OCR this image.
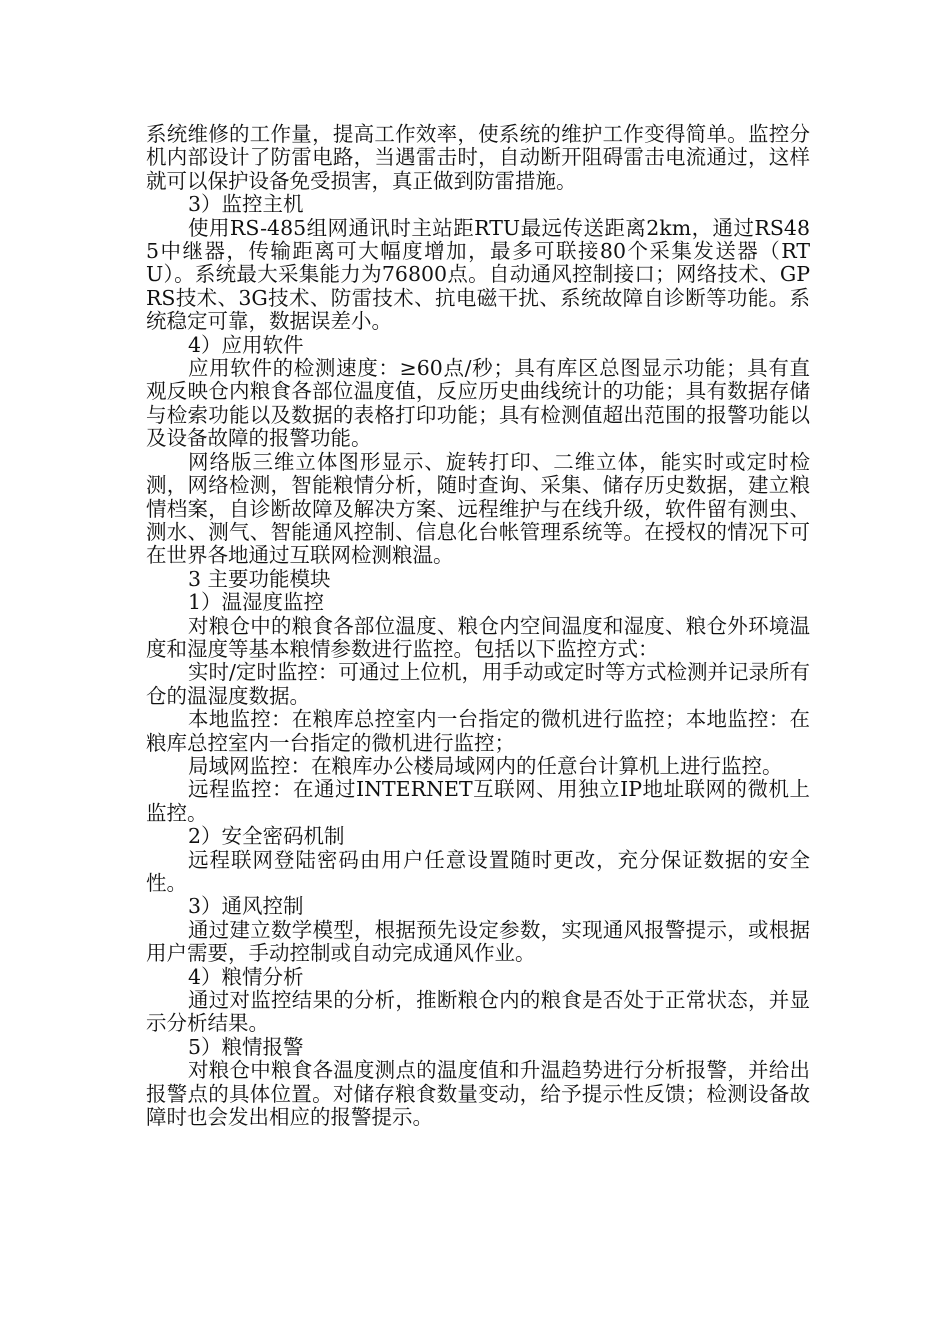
系统维修的工作量，提高工作效率，使系统的维护工作变得简单。监控分机内部设计了防雷电路，当遇雷击时，自动断开阻碍雷击电流通过，这样就可以保护设备免受损害，真正做到防雷措施。

3）监控主机

使用RS-485组网通讯时主站距RTU最远传送距离2km，通过RS485中继器，传输距离可大幅度增加，最多可联接80个采集发送器（RTU）。系统最大采集能力为76800点。自动通风控制接口；网络技术、GPRS技术、3G技术、防雷技术、抗电磁干扰、系统故障自诊断等功能。系统稳定可靠，数据误差小。

4）应用软件

应用软件的检测速度：≥60点/秒；具有库区总图显示功能；具有直观反映仓内粮食各部位温度值，反应历史曲线统计的功能；具有数据存储与检索功能以及数据的表格打印功能；具有检测值超出范围的报警功能以及设备故障的报警功能。

网络版三维立体图形显示、旋转打印、二维立体，能实时或定时检测，网络检测，智能粮情分析，随时查询、采集、储存历史数据，建立粮情档案，自诊断故障及解决方案、远程维护与在线升级，软件留有测虫、测水、测气、智能通风控制、信息化台帐管理系统等。在授权的情况下可在世界各地通过互联网检测粮温。

3 主要功能模块

1）温湿度监控

对粮仓中的粮食各部位温度、粮仓内空间温度和湿度、粮仓外环境温度和湿度等基本粮情参数进行监控。包括以下监控方式：

实时/定时监控：可通过上位机，用手动或定时等方式检测并记录所有仓的温湿度数据。

本地监控：在粮库总控室内一台指定的微机进行监控；本地监控：在粮库总控室内一台指定的微机进行监控；

局域网监控：在粮库办公楼局域网内的任意台计算机上进行监控。

远程监控：在通过INTERNET互联网、用独立IP地址联网的微机上监控。

2）安全密码机制

远程联网登陆密码由用户任意设置随时更改，充分保证数据的安全性。

3）通风控制

通过建立数学模型，根据预先设定参数，实现通风报警提示，或根据用户需要，手动控制或自动完成通风作业。

4）粮情分析

通过对监控结果的分析，推断粮仓内的粮食是否处于正常状态，并显示分析结果。

5）粮情报警

对粮仓中粮食各温度测点的温度值和升温趋势进行分析报警，并给出报警点的具体位置。对储存粮食数量变动，给予提示性反馈；检测设备故障时也会发出相应的报警提示。
